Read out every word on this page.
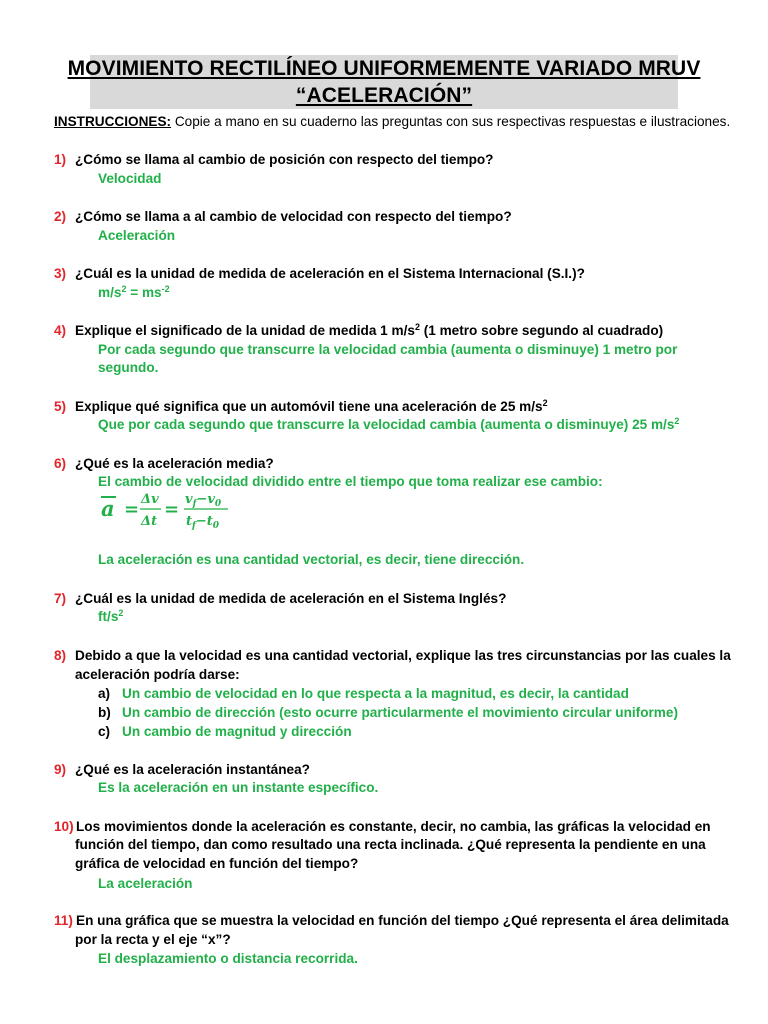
MOVIMIENTO RECTILÍNEO UNIFORMEMENTE VARIADO MRUV
“ACELERACIÓN”
INSTRUCCIONES: Copie a mano en su cuaderno las preguntas con sus respectivas respuestas e ilustraciones.
1) ¿Cómo se llama al cambio de posición con respecto del tiempo?
Velocidad
2) ¿Cómo se llama a al cambio de velocidad con respecto del tiempo?
Aceleración
3) ¿Cuál es la unidad de medida de aceleración en el Sistema Internacional (S.I.)?
$m/s^2 = ms^{-2}$
4) Explique el significado de la unidad de medida 1 $m/s^2$ (1 metro sobre segundo al cuadrado)
Por cada segundo que transcurre la velocidad cambia (aumenta o disminuye) 1 metro por
segundo.
5) Explique qué significa que un automóvil tiene una aceleración de 25 $m/s^2$
Que por cada segundo que transcurre la velocidad cambia (aumenta o disminuye) 25 $m/s^2$
6) ¿Qué es la aceleración media?
El cambio de velocidad dividido entre el tiempo que toma realizar ese cambio:
a = Δv
Δt
= $v_f-v_0$
$t_f-t_0$
La aceleración es una cantidad vectorial, es decir, tiene dirección.
7) ¿Cuál es la unidad de medida de aceleración en el Sistema Inglés?
$ft/s^2$
8) Debido a que la velocidad es una cantidad vectorial, explique las tres circunstancias por las cuales la
aceleración podría darse:
a) Un cambio de velocidad en lo que respecta a la magnitud, es decir, la cantidad
b) Un cambio de dirección (esto ocurre particularmente el movimiento circular uniforme)
c) Un cambio de magnitud y dirección
9) ¿Qué es la aceleración instantánea?
Es la aceleración en un instante específico.
10) Los movimientos donde la aceleración es constante, decir, no cambia, las gráficas la velocidad en
función del tiempo, dan como resultado una recta inclinada. ¿Qué representa la pendiente en una
gráfica de velocidad en función del tiempo?
La aceleración
11) En una gráfica que se muestra la velocidad en función del tiempo ¿Qué representa el área delimitada
por la recta y el eje “x”?
El desplazamiento o distancia recorrida.
